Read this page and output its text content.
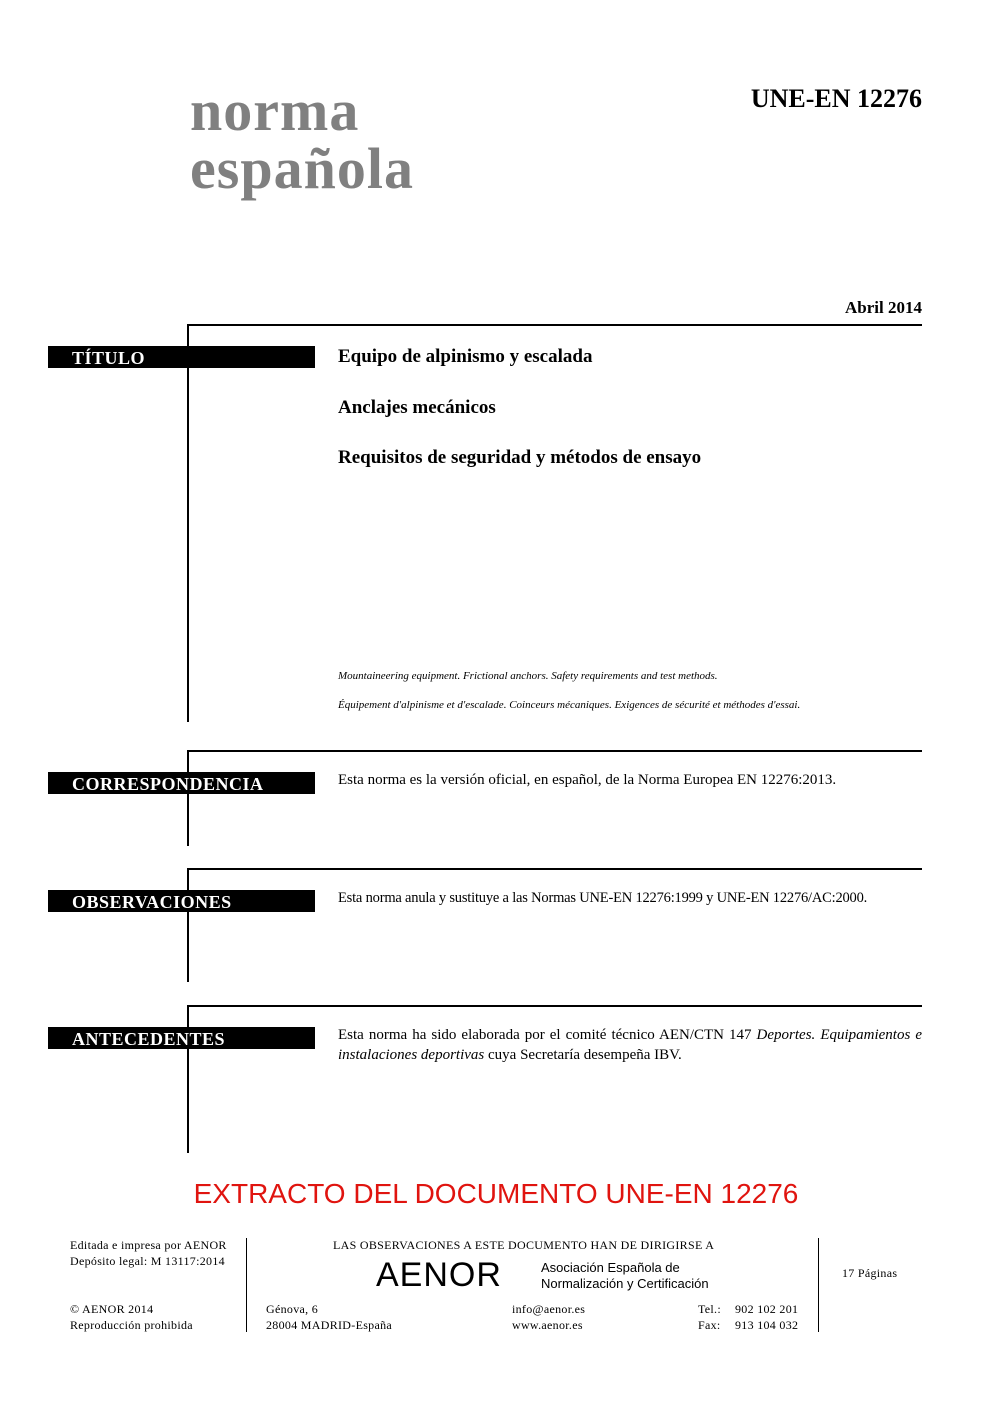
norma
española
UNE-EN 12276
Abril 2014
TÍTULO	Equipo de alpinismo y escalada
Anclajes mecánicos
Requisitos de seguridad y métodos de ensayo
Mountaineering equipment. Frictional anchors. Safety requirements and test methods.
Équipement d'alpinisme et d'escalade. Coinceurs mécaniques. Exigences de sécurité et méthodes d'essai.
CORRESPONDENCIA	Esta norma es la versión oficial, en español, de la Norma Europea EN 12276:2013.
OBSERVACIONES	Esta norma anula y sustituye a las Normas UNE-EN 12276:1999 y UNE-EN 12276/AC:2000.
ANTECEDENTES	Esta norma ha sido elaborada por el comité técnico AEN/CTN 147 Deportes. Equipamientos e instalaciones deportivas cuya Secretaría desempeña IBV.
EXTRACTO DEL DOCUMENTO UNE-EN 12276
Editada e impresa por AENOR
Depósito legal: M 13117:2014
© AENOR 2014
Reproducción prohibida
LAS OBSERVACIONES A ESTE DOCUMENTO HAN DE DIRIGIRSE A
AENOR	Asociación Española de
Normalización y Certificación
Génova, 6
28004 MADRID-España
info@aenor.es
www.aenor.es
Tel.: 902 102 201
Fax: 913 104 032
17 Páginas
